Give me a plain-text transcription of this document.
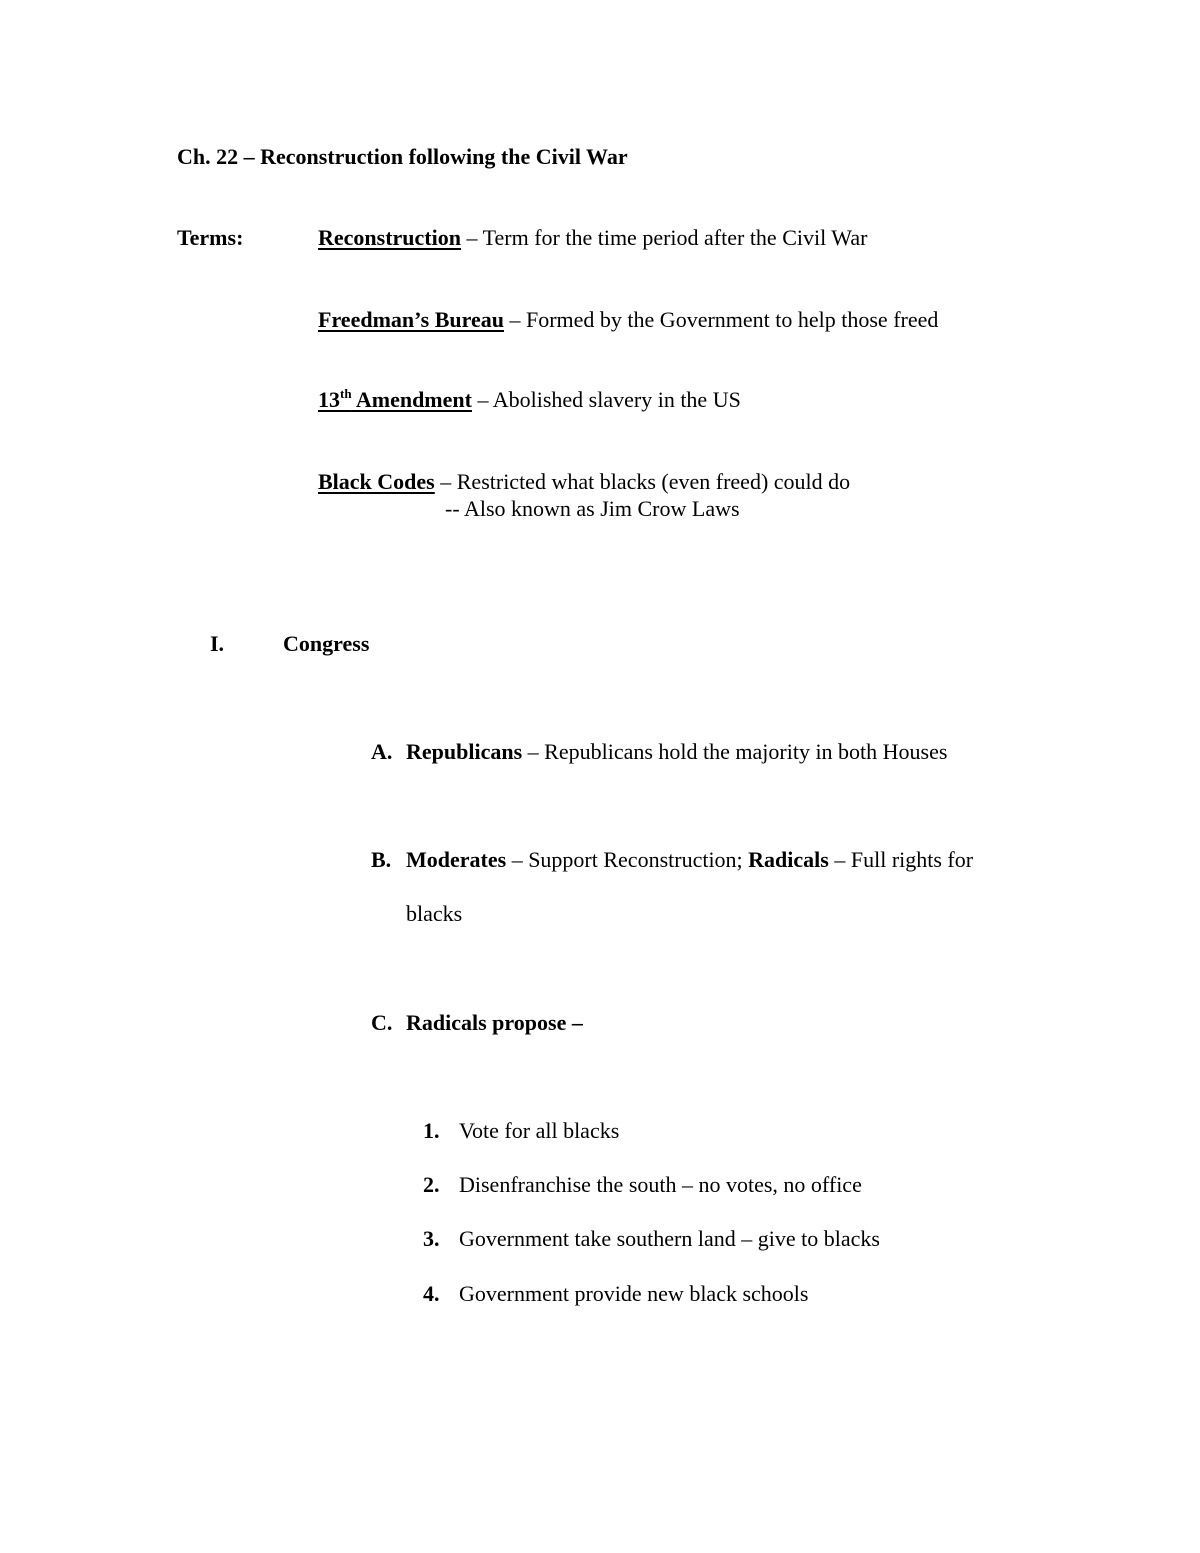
Ch. 22 – Reconstruction following the Civil War
Terms:	Reconstruction – Term for the time period after the Civil War
Freedman’s Bureau – Formed by the Government to help those freed
13th Amendment – Abolished slavery in the US
Black Codes – Restricted what blacks (even freed) could do
-- Also known as Jim Crow Laws
I.	Congress
A. Republicans – Republicans hold the majority in both Houses
B. Moderates – Support Reconstruction; Radicals – Full rights for
blacks
C. Radicals propose –
1. Vote for all blacks
2. Disenfranchise the south – no votes, no office
3. Government take southern land – give to blacks
4. Government provide new black schools
